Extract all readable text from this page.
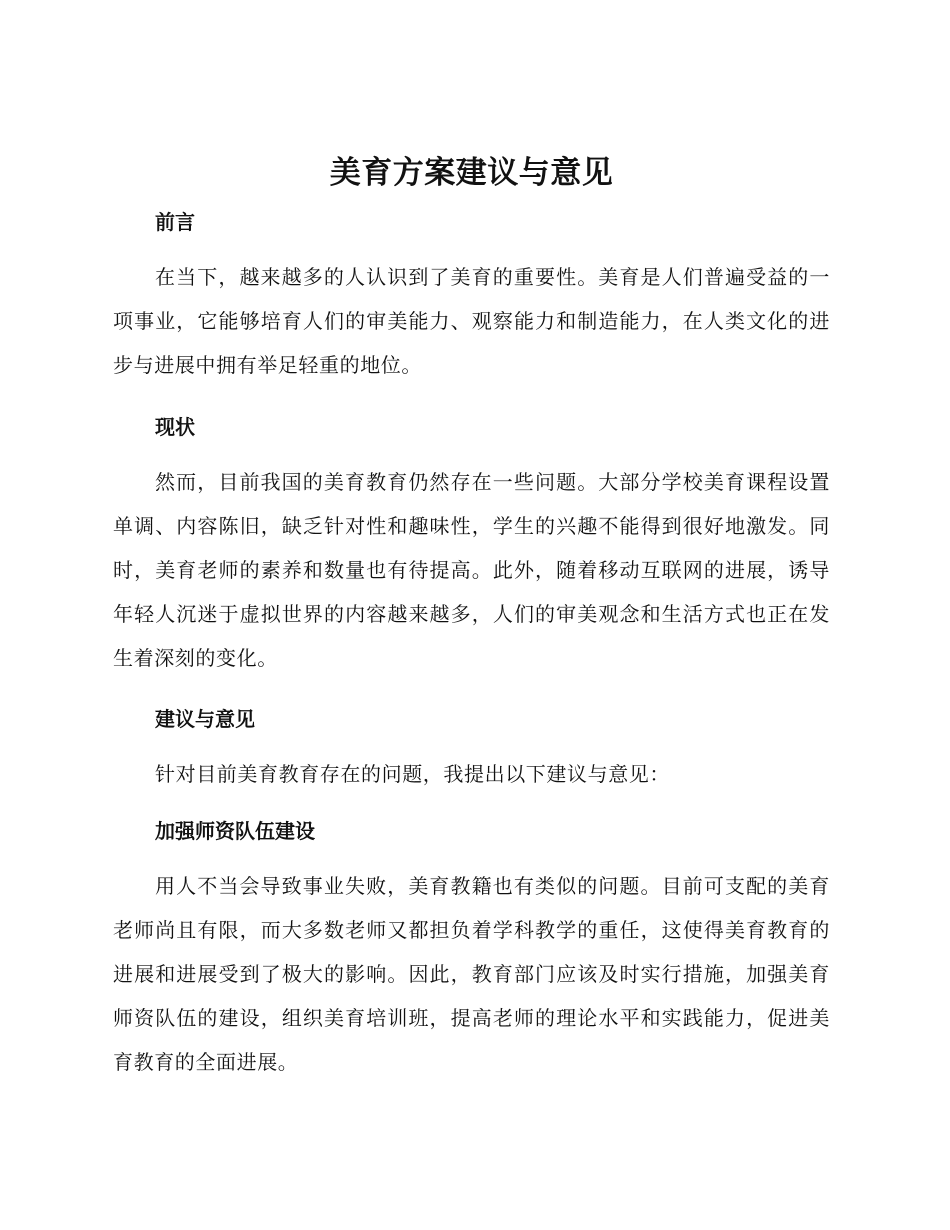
美育方案建议与意见
前言

在当下，越来越多的人认识到了美育的重要性。美育是人们普遍受益的一项事业，它能够培育人们的审美能力、观察能力和制造能力，在人类文化的进步与进展中拥有举足轻重的地位。

现状

然而，目前我国的美育教育仍然存在一些问题。大部分学校美育课程设置单调、内容陈旧，缺乏针对性和趣味性，学生的兴趣不能得到很好地激发。同时，美育老师的素养和数量也有待提高。此外，随着移动互联网的进展，诱导年轻人沉迷于虚拟世界的内容越来越多，人们的审美观念和生活方式也正在发生着深刻的变化。

建议与意见

针对目前美育教育存在的问题，我提出以下建议与意见：

加强师资队伍建设

用人不当会导致事业失败，美育教籍也有类似的问题。目前可支配的美育老师尚且有限，而大多数老师又都担负着学科教学的重任，这使得美育教育的进展和进展受到了极大的影响。因此，教育部门应该及时实行措施，加强美育师资队伍的建设，组织美育培训班，提高老师的理论水平和实践能力，促进美育教育的全面进展。
